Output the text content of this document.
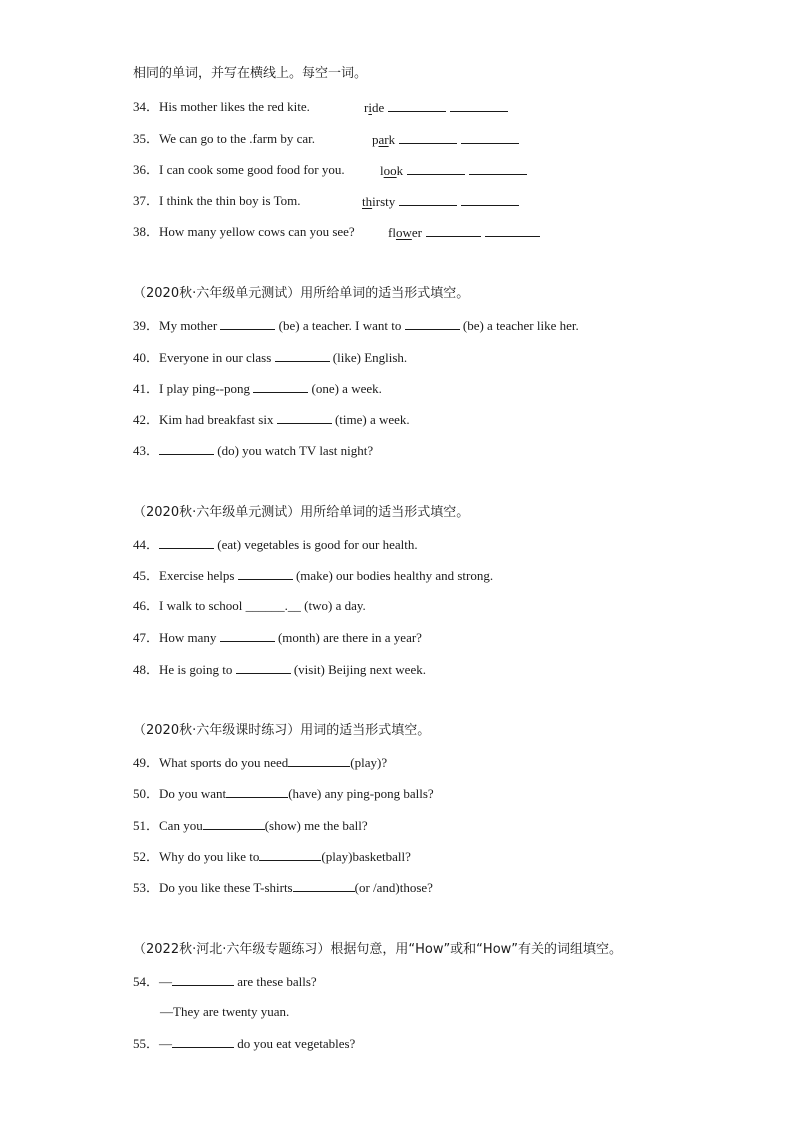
相同的单词，并写在横线上。每空一词。
34．His mother likes the red kite.	ride
35．We can go to the .farm by car.	park
36．I can cook some good food for you.	look
37．I think the thin boy is Tom.	thirsty
38．How many yellow cows can you see?	flower
（2020秋·六年级单元测试）用所给单词的适当形式填空。
39．My mother	(be) a teacher. I want to	(be) a teacher like her.
40．Everyone in our class	(like) English.
41．I play ping--pong	(one) a week.
42．Kim had breakfast six	(time) a week.
43．	(do) you watch TV last night?
（2020秋·六年级单元测试）用所给单词的适当形式填空。
44．	(eat) vegetables is good for our health.
45．Exercise helps	(make) our bodies healthy and strong.
46．I walk to school ______.__ (two) a day.
47．How many	(month) are there in a year?
48．He is going to	(visit) Beijing next week.
（2020秋·六年级课时练习）用词的适当形式填空。
49．What sports do you need	(play)?
50．Do you want	(have) any ping-pong balls?
51．Can you	(show) me the ball?
52．Why do you like to	(play)basketball?
53．Do you like these T-shirts	(or /and)those?
（2022秋·河北·六年级专题练习）根据句意，用“How”或和“How”有关的词组填空。
54．—	are these balls?
—They are twenty yuan.
55．—	do you eat vegetables?
